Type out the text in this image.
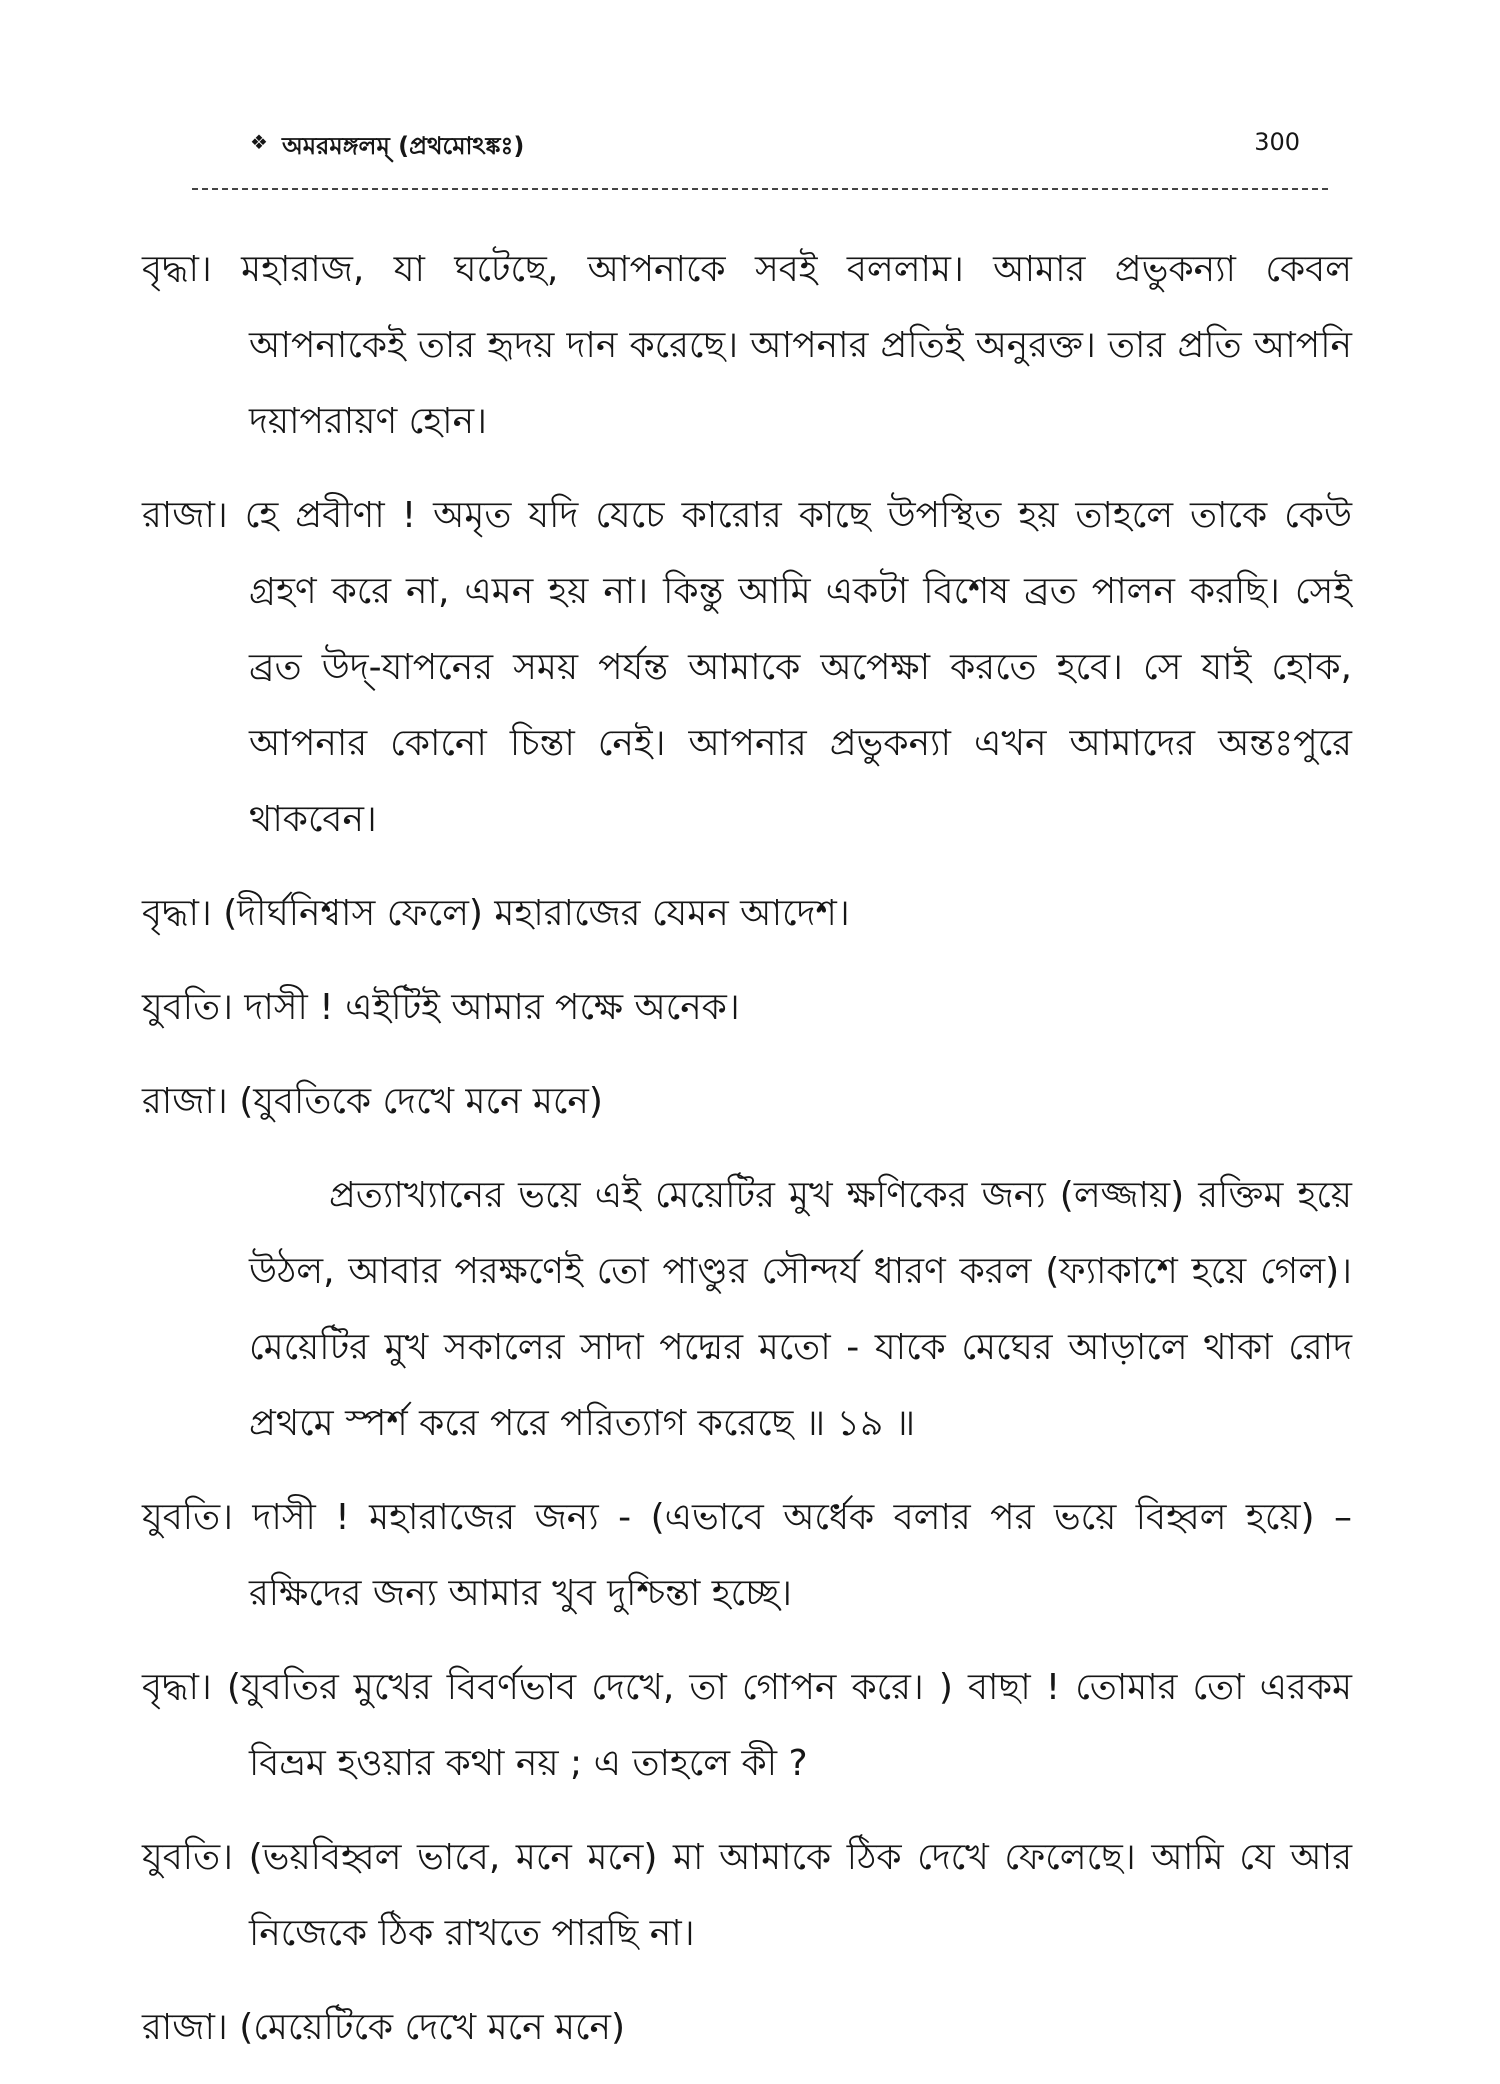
❖ অমরমঙ্গলম্ (প্রথমোঽঙ্কঃ)	300

বৃদ্ধা। মহারাজ, যা ঘটেছে, আপনাকে সবই বললাম। আমার প্রভুকন্যা কেবল আপনাকেই তার হৃদয় দান করেছে। আপনার প্রতিই অনুরক্ত। তার প্রতি আপনি দয়াপরায়ণ হোন।

রাজা। হে প্রবীণা ! অমৃত যদি যেচে কারোর কাছে উপস্থিত হয় তাহলে তাকে কেউ গ্রহণ করে না, এমন হয় না। কিন্তু আমি একটা বিশেষ ব্রত পালন করছি। সেই ব্রত উদ্‌-যাপনের সময় পর্যন্ত আমাকে অপেক্ষা করতে হবে। সে যাই হোক, আপনার কোনো চিন্তা নেই। আপনার প্রভুকন্যা এখন আমাদের অন্তঃপুরে থাকবেন।

বৃদ্ধা। (দীর্ঘনিশ্বাস ফেলে) মহারাজের যেমন আদেশ।

যুবতি। দাসী ! এইটিই আমার পক্ষে অনেক।

রাজা। (যুবতিকে দেখে মনে মনে)

প্রত্যাখ্যানের ভয়ে এই মেয়েটির মুখ ক্ষণিকের জন্য (লজ্জায়) রক্তিম হয়ে উঠল, আবার পরক্ষণেই তো পাণ্ডুর সৌন্দর্য ধারণ করল (ফ্যাকাশে হয়ে গেল)। মেয়েটির মুখ সকালের সাদা পদ্মের মতো - যাকে মেঘের আড়ালে থাকা রোদ প্রথমে স্পর্শ করে পরে পরিত্যাগ করেছে ॥ ১৯ ॥

যুবতি। দাসী ! মহারাজের জন্য - (এভাবে অর্ধেক বলার পর ভয়ে বিহ্বল হয়ে) –রক্ষিদের জন্য আমার খুব দুশ্চিন্তা হচ্ছে।

বৃদ্ধা। (যুবতির মুখের বিবর্ণভাব দেখে, তা গোপন করে। ) বাছা ! তোমার তো এরকম বিভ্রম হওয়ার কথা নয় ; এ তাহলে কী ?

যুবতি। (ভয়বিহ্বল ভাবে, মনে মনে) মা আমাকে ঠিক দেখে ফেলেছে। আমি যে আর নিজেকে ঠিক রাখতে পারছি না।

রাজা। (মেয়েটিকে দেখে মনে মনে)
